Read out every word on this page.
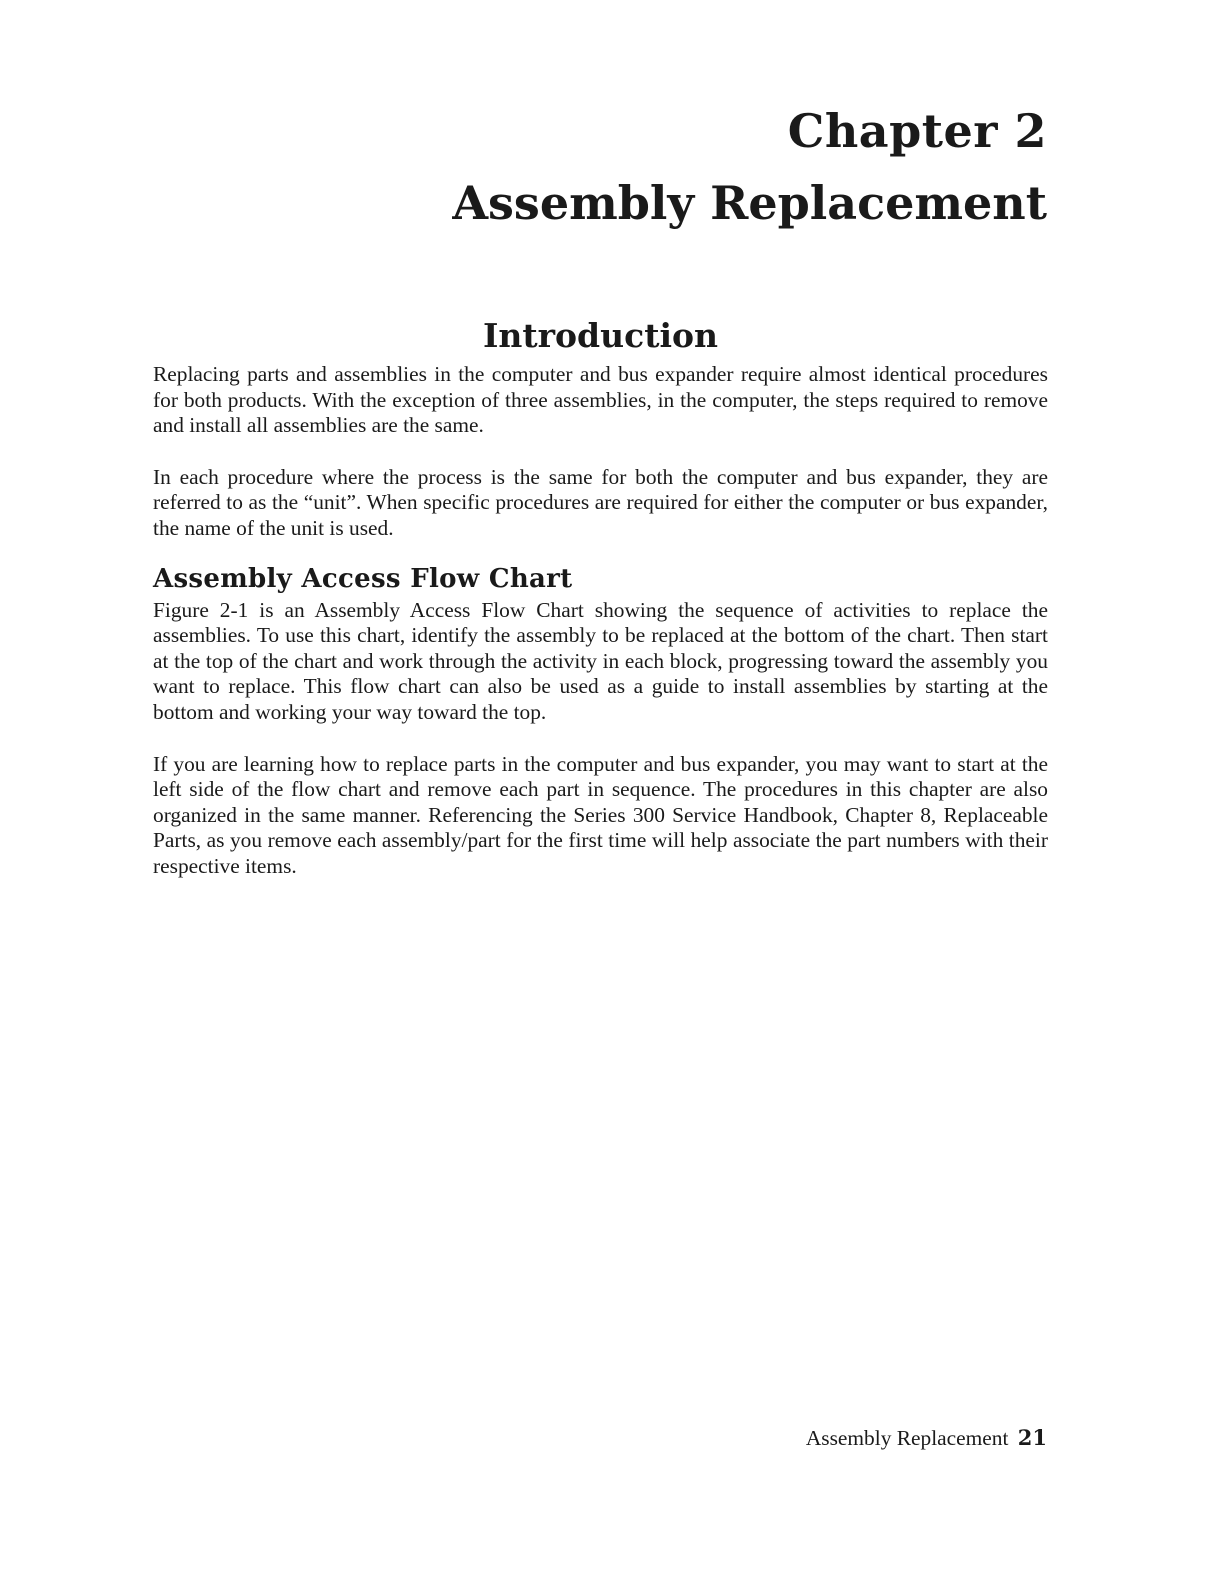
Chapter 2
Assembly Replacement
Introduction

Replacing parts and assemblies in the computer and bus expander require almost identical procedures for both products. With the exception of three assemblies, in the computer, the steps required to remove and install all assemblies are the same.

In each procedure where the process is the same for both the computer and bus expander, they are referred to as the “unit”. When specific procedures are required for either the computer or bus expander, the name of the unit is used.

Assembly Access Flow Chart

Figure 2-1 is an Assembly Access Flow Chart showing the sequence of activities to replace the assemblies. To use this chart, identify the assembly to be replaced at the bottom of the chart. Then start at the top of the chart and work through the activity in each block, progressing toward the assembly you want to replace. This flow chart can also be used as a guide to install assemblies by starting at the bottom and working your way toward the top.

If you are learning how to replace parts in the computer and bus expander, you may want to start at the left side of the flow chart and remove each part in sequence. The procedures in this chapter are also organized in the same manner. Referencing the Series 300 Service Handbook, Chapter 8, Replaceable Parts, as you remove each assembly/part for the first time will help associate the part numbers with their respective items.

Assembly Replacement 21
